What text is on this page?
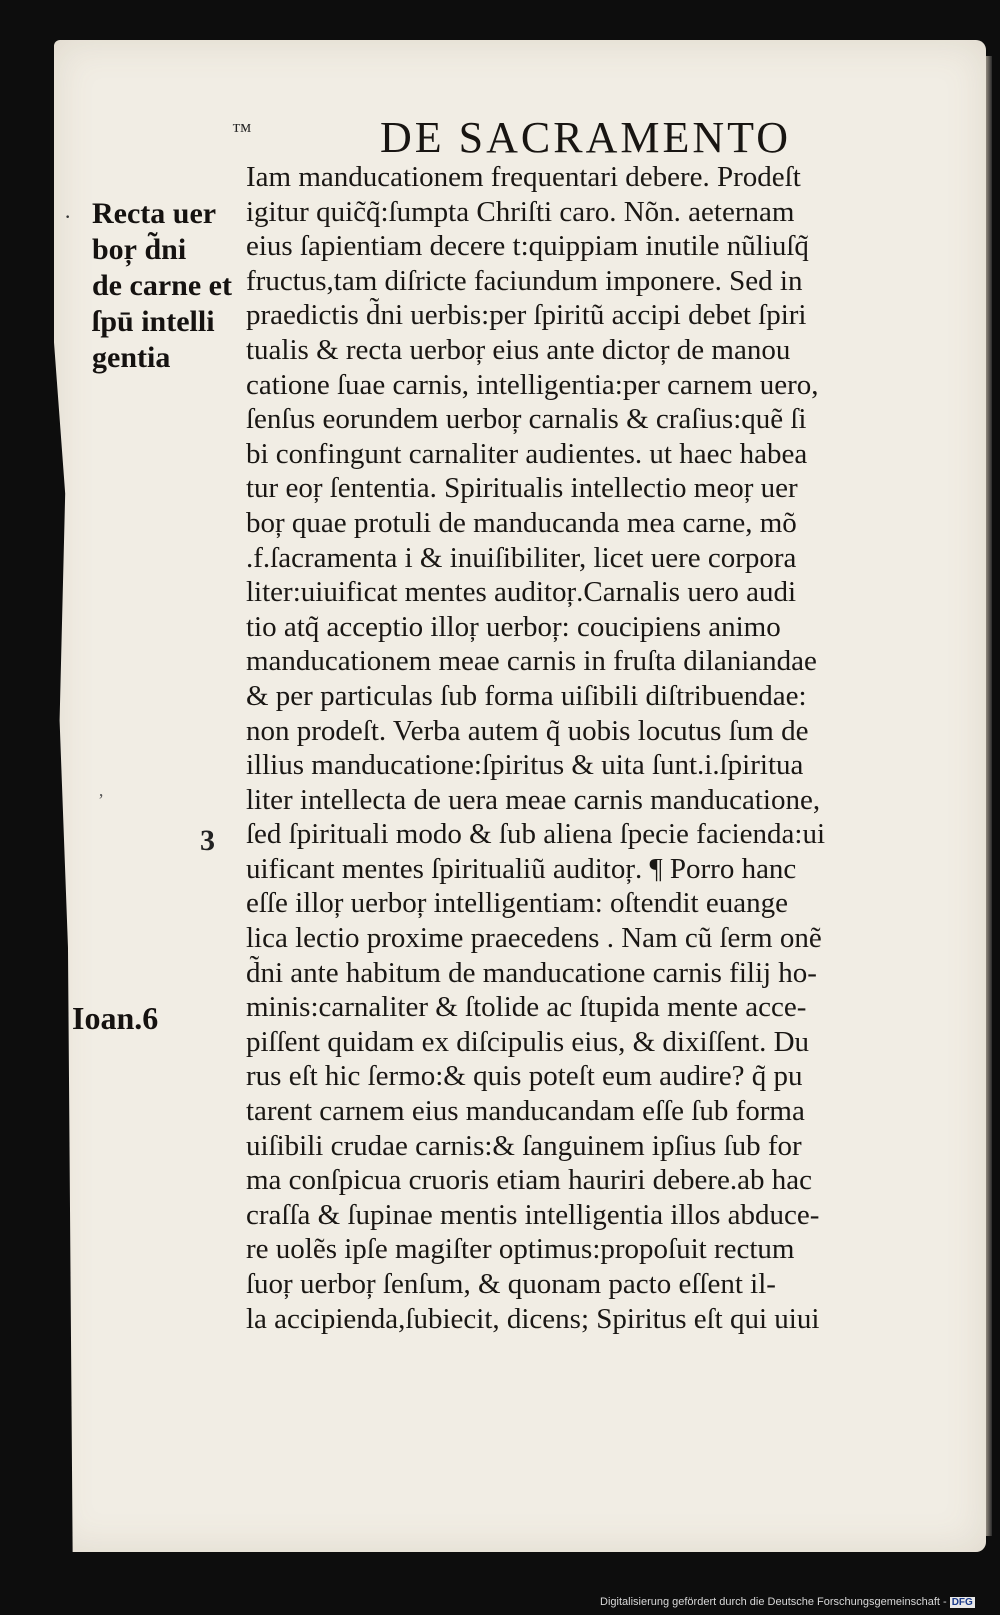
™	DE SACRAMENTO
· Recta uer
boŗ d̃ni
de carne et
ſpū intelli
gentia
’
3
Ioan.6
Iam manducationem frequentari debere. Prodeſt
igitur quic̃q̃:ſumpta Chriſti caro. Nõn. aeternam
eius ſapientiam decere t:quippiam inutile nũliuſq̃
fructus,tam diſricte faciundum imponere. Sed in
praedictis d̃ni uerbis:per ſpiritũ accipi debet ſpiri
tualis & recta uerboŗ eius ante dictoŗ de manou
catione ſuae carnis, intelligentia:per carnem uero,
ſenſus eorundem uerboŗ carnalis & craſius:quẽ ſi
bi confingunt carnaliter audientes. ut haec habea
tur eoŗ ſententia. Spiritualis intellectio meoŗ uer
boŗ quae protuli de manducanda mea carne, mõ
.f.ſacramenta i & inuiſibiliter, licet uere corpora
liter:uiuificat mentes auditoŗ.Carnalis uero audi
tio atq̃ acceptio illoŗ uerboŗ: coucipiens animo
manducationem meae carnis in fruſta dilaniandae
& per particulas ſub forma uiſibili diſtribuendae:
non prodeſt. Verba autem q̃ uobis locutus ſum de
illius manducatione:ſpiritus & uita ſunt.i.ſpiritua
liter intellecta de uera meae carnis manducatione,
ſed ſpirituali modo & ſub aliena ſpecie facienda:ui
uificant mentes ſpiritualiũ auditoŗ. ¶ Porro hanc
eſſe illoŗ uerboŗ intelligentiam: oſtendit euange
lica lectio proxime praecedens . Nam cũ ſerm onẽ
d̃ni ante habitum de manducatione carnis filij ho-
minis:carnaliter & ſtolide ac ſtupida mente acce-
piſſent quidam ex diſcipulis eius, & dixiſſent. Du
rus eſt hic ſermo:& quis poteſt eum audire? q̃ pu
tarent carnem eius manducandam eſſe ſub forma
uiſibili crudae carnis:& ſanguinem ipſius ſub for
ma conſpicua cruoris etiam hauriri debere.ab hac
craſſa & ſupinae mentis intelligentia illos abduce-
re uolẽs ipſe magiſter optimus:propoſuit rectum
ſuoŗ uerboŗ ſenſum, & quonam pacto eſſent il-
la accipienda,ſubiecit, dicens; Spiritus eſt qui uiui
Digitalisierung gefördert durch die Deutsche Forschungsgemeinschaft - DFG
